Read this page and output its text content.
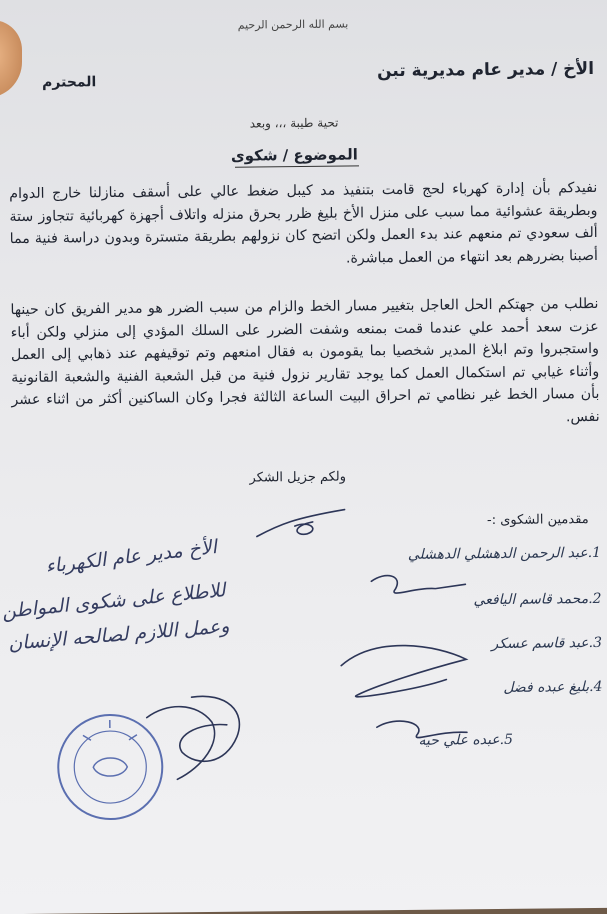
بسم الله الرحمن الرحيم
الأخ / مدير عام مديرية تبن
المحترم
تحية طيبة ،،، وبعد
الموضوع / شكوى
نفيدكم بأن إدارة كهرباء لحج قامت بتنفيذ مد كيبل ضغط عالي على أسقف منازلنا خارج الدوام وبطريقة عشوائية مما سبب على منزل الأخ بليغ ظرر بحرق منزله واتلاف أجهزة كهربائية تتجاوز ستة ألف سعودي تم منعهم عند بدء العمل ولكن اتضح كان نزولهم بطريقة متسترة وبدون دراسة فنية مما أصبنا بضررهم بعد انتهاء من العمل مباشرة.
نطلب من جهتكم الحل العاجل بتغيير مسار الخط والزام من سبب الضرر هو مدير الفريق كان حينها عزت سعد أحمد علي عندما قمت بمنعه وشفت الضرر على السلك المؤدي إلى منزلي ولكن أباء واستجبروا وتم ابلاغ المدير شخصيا بما يقومون به فقال امنعهم وتم توقيفهم عند ذهابي إلى العمل وأثناء غيابي تم استكمال العمل كما يوجد تقارير نزول فنية من قبل الشعبة الفنية والشعبة القانونية بأن مسار الخط غير نظامي تم احراق البيت الساعة الثالثة فجرا وكان الساكنين أكثر من اثناء عشر نفس.
ولكم جزيل الشكر
مقدمين الشكوى :-
1.عبد الرحمن الدهشلي الدهشلي
2.محمد قاسم اليافعي
3.عبد قاسم عسكر
4.بليغ عبده فضل
5.عبده علي حيه
الأخ مدير عام الكهرباء
للاطلاع على شكوى المواطن
وعمل اللازم لصالحه الإنسان
